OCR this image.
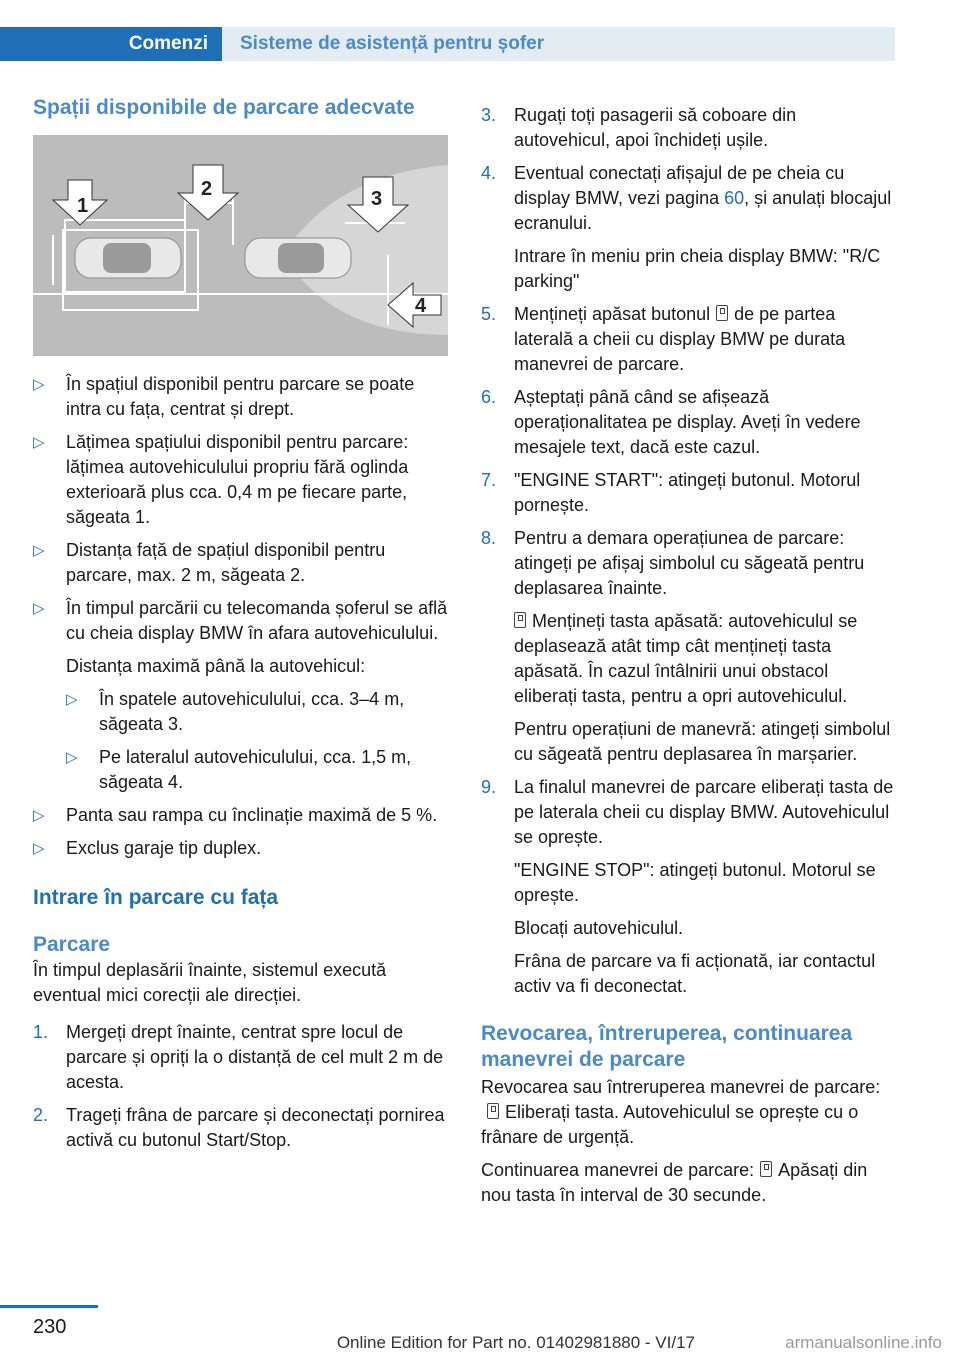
Comenzi	Sisteme de asistență pentru șofer
Spații disponibile de parcare adecvate
1
2	3
4
▷ În spațiul disponibil pentru parcare se poate intra cu fața, centrat și drept.
▷ Lățimea spațiului disponibil pentru parcare: lățimea autovehiculului propriu fără oglinda exterioară plus cca. 0,4 m pe fiecare parte, săgeata 1.
▷ Distanța față de spațiul disponibil pentru parcare, max. 2 m, săgeata 2.
▷ În timpul parcării cu telecomanda șoferul se află cu cheia display BMW în afara autovehiculului.

Distanța maximă până la autovehicul:

▷ În spatele autovehiculului, cca. 3–4 m, săgeata 3.
▷ Pe lateralul autovehiculului, cca. 1,5 m, săgeata 4.
▷ Panta sau rampa cu înclinație maximă de 5 %.
▷ Exclus garaje tip duplex.
Intrare în parcare cu fața
Parcare

În timpul deplasării înainte, sistemul execută eventual mici corecții ale direcției.

1. Mergeți drept înainte, centrat spre locul de parcare și opriți la o distanță de cel mult 2 m de acesta.
2. Trageți frâna de parcare și deconectați pornirea activă cu butonul Start/Stop.
3. Rugați toți pasagerii să coboare din autovehicul, apoi închideți ușile.
4. Eventual conectați afișajul de pe cheia cu display BMW, vezi pagina 60, și anulați blocajul ecranului.

Intrare în meniu prin cheia display BMW: "R/C parking"

5. Mențineți apăsat butonul de pe partea laterală a cheii cu display BMW pe durata manevrei de parcare.
6. Așteptați până când se afișează operaționalitatea pe display. Aveți în vedere mesajele text, dacă este cazul.
7. "ENGINE START": atingeți butonul. Motorul pornește.
8. Pentru a demara operațiunea de parcare: atingeți pe afișaj simbolul cu săgeată pentru deplasarea înainte.

Mențineți tasta apăsată: autovehiculul se deplasează atât timp cât mențineți tasta apăsată. În cazul întâlnirii unui obstacol eliberați tasta, pentru a opri autovehiculul.

Pentru operațiuni de manevră: atingeți simbolul cu săgeată pentru deplasarea în marșarier.

9. La finalul manevrei de parcare eliberați tasta de pe laterala cheii cu display BMW. Autovehiculul se oprește.

"ENGINE STOP": atingeți butonul. Motorul se oprește.

Blocați autovehiculul.

Frâna de parcare va fi acționată, iar contactul activ va fi deconectat.

Revocarea, întreruperea, continuarea manevrei de parcare

Revocarea sau întreruperea manevrei de parcare:Eliberați tasta. Autovehiculul se oprește cu o frânare de urgență.

Continuarea manevrei de parcare: Apăsați din nou tasta în interval de 30 secunde.

230
Online Edition for Part no. 01402981880 - VI/17	armanualsonline.info
